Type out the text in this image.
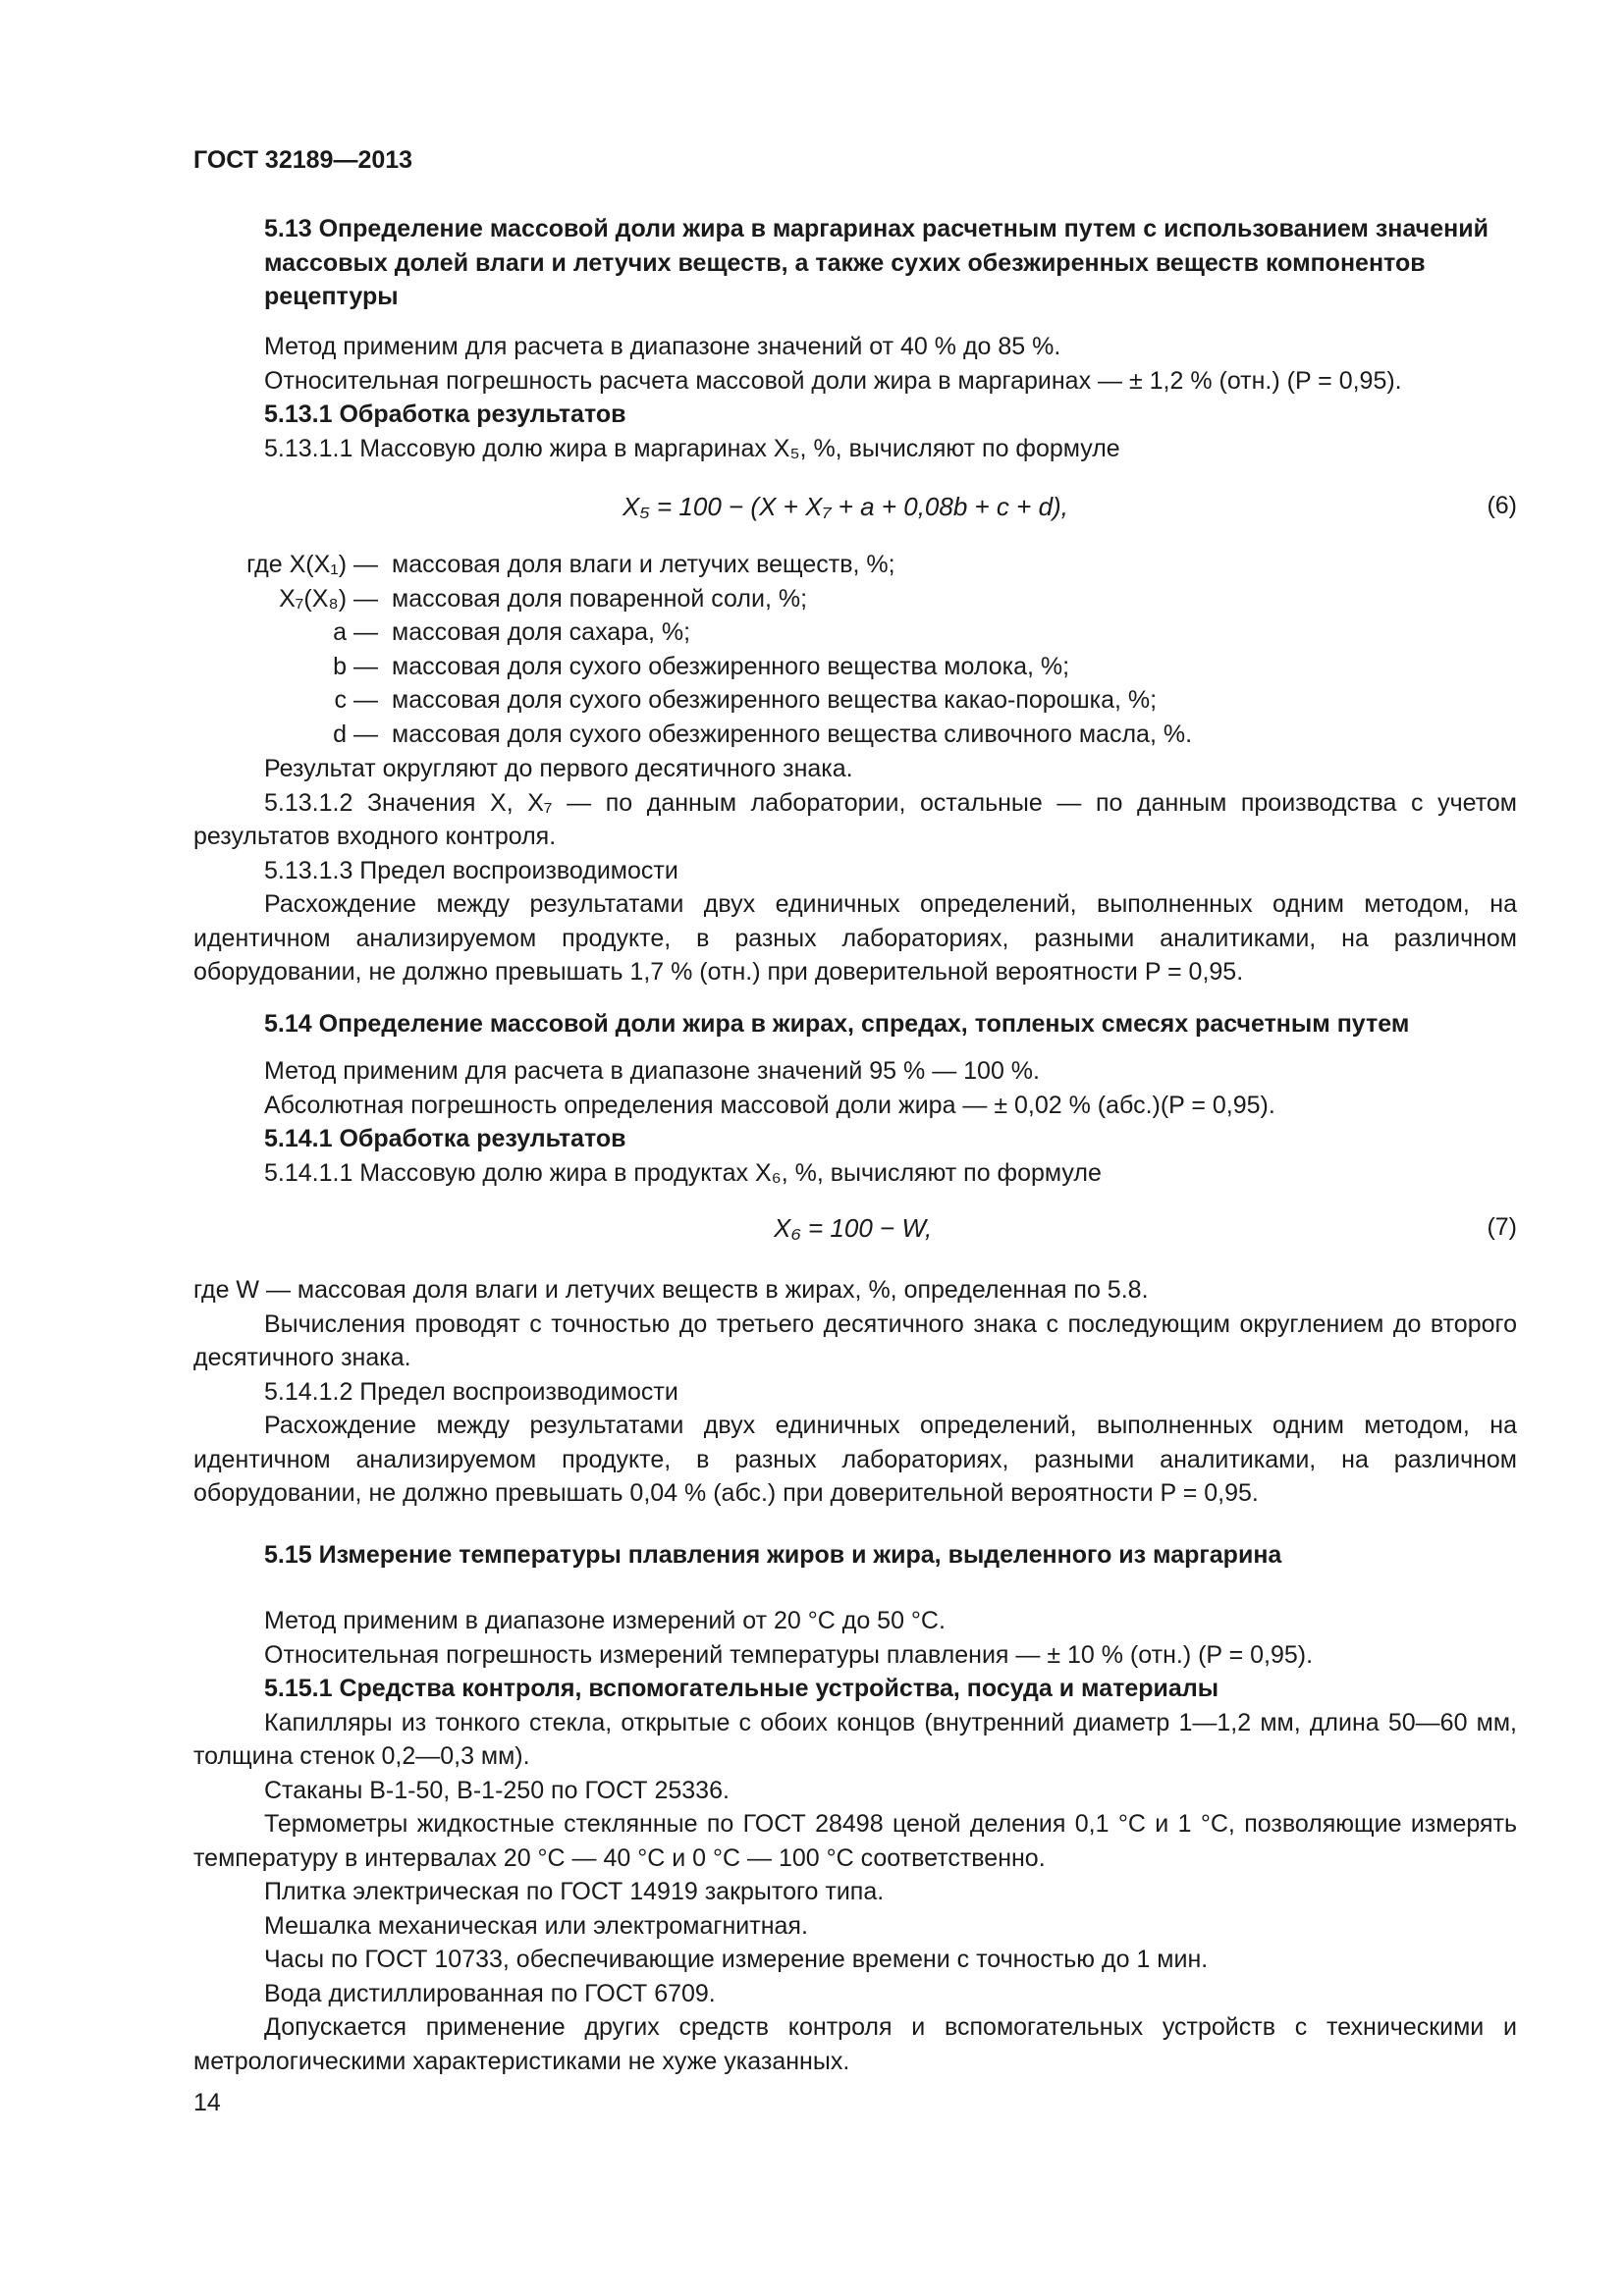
ГОСТ 32189—2013

5.13 Определение массовой доли жира в маргаринах расчетным путем с использованием значений массовых долей влаги и летучих веществ, а также сухих обезжиренных веществ компонентов рецептуры

Метод применим для расчета в диапазоне значений от 40 % до 85 %.

Относительная погрешность расчета массовой доли жира в маргаринах — ± 1,2 % (отн.) (P = 0,95).

5.13.1 Обработка результатов

5.13.1.1 Массовую долю жира в маргаринах X₅, %, вычисляют по формуле

X₅ = 100 − (X + X₇ + a + 0,08b + c + d),	(6)
где X(X₁) — массовая доля влаги и летучих веществ, %;
X₇(X₈) — массовая доля поваренной соли, %;
a — массовая доля сахара, %;
b — массовая доля сухого обезжиренного вещества молока, %;
c — массовая доля сухого обезжиренного вещества какао-порошка, %;
d — массовая доля сухого обезжиренного вещества сливочного масла, %.

Результат округляют до первого десятичного знака.

5.13.1.2 Значения X, X₇ — по данным лаборатории, остальные — по данным производства с учетом результатов входного контроля.

5.13.1.3 Предел воспроизводимости

Расхождение между результатами двух единичных определений, выполненных одним методом, на идентичном анализируемом продукте, в разных лабораториях, разными аналитиками, на различном оборудовании, не должно превышать 1,7 % (отн.) при доверительной вероятности P = 0,95.

5.14 Определение массовой доли жира в жирах, спредах, топленых смесях расчетным путем

Метод применим для расчета в диапазоне значений 95 % — 100 %.

Абсолютная погрешность определения массовой доли жира — ± 0,02 % (абс.)(P = 0,95).

5.14.1 Обработка результатов

5.14.1.1 Массовую долю жира в продуктах X₆, %, вычисляют по формуле

X₆ = 100 − W,	(7)

где W — массовая доля влаги и летучих веществ в жирах, %, определенная по 5.8.

Вычисления проводят с точностью до третьего десятичного знака с последующим округлением до второго десятичного знака.

5.14.1.2 Предел воспроизводимости

Расхождение между результатами двух единичных определений, выполненных одним методом, на идентичном анализируемом продукте, в разных лабораториях, разными аналитиками, на различном оборудовании, не должно превышать 0,04 % (абс.) при доверительной вероятности P = 0,95.

5.15 Измерение температуры плавления жиров и жира, выделенного из маргарина

Метод применим в диапазоне измерений от 20 °C до 50 °C.

Относительная погрешность измерений температуры плавления — ± 10 % (отн.) (P = 0,95).

5.15.1 Средства контроля, вспомогательные устройства, посуда и материалы

Капилляры из тонкого стекла, открытые с обоих концов (внутренний диаметр 1—1,2 мм, длина 50—60 мм, толщина стенок 0,2—0,3 мм).

Стаканы В-1-50, В-1-250 по ГОСТ 25336.

Термометры жидкостные стеклянные по ГОСТ 28498 ценой деления 0,1 °C и 1 °C, позволяющие измерять температуру в интервалах 20 °C — 40 °C и 0 °C — 100 °C соответственно.

Плитка электрическая по ГОСТ 14919 закрытого типа.

Мешалка механическая или электромагнитная.

Часы по ГОСТ 10733, обеспечивающие измерение времени с точностью до 1 мин.

Вода дистиллированная по ГОСТ 6709.

Допускается применение других средств контроля и вспомогательных устройств с техническими и метрологическими характеристиками не хуже указанных.

14
